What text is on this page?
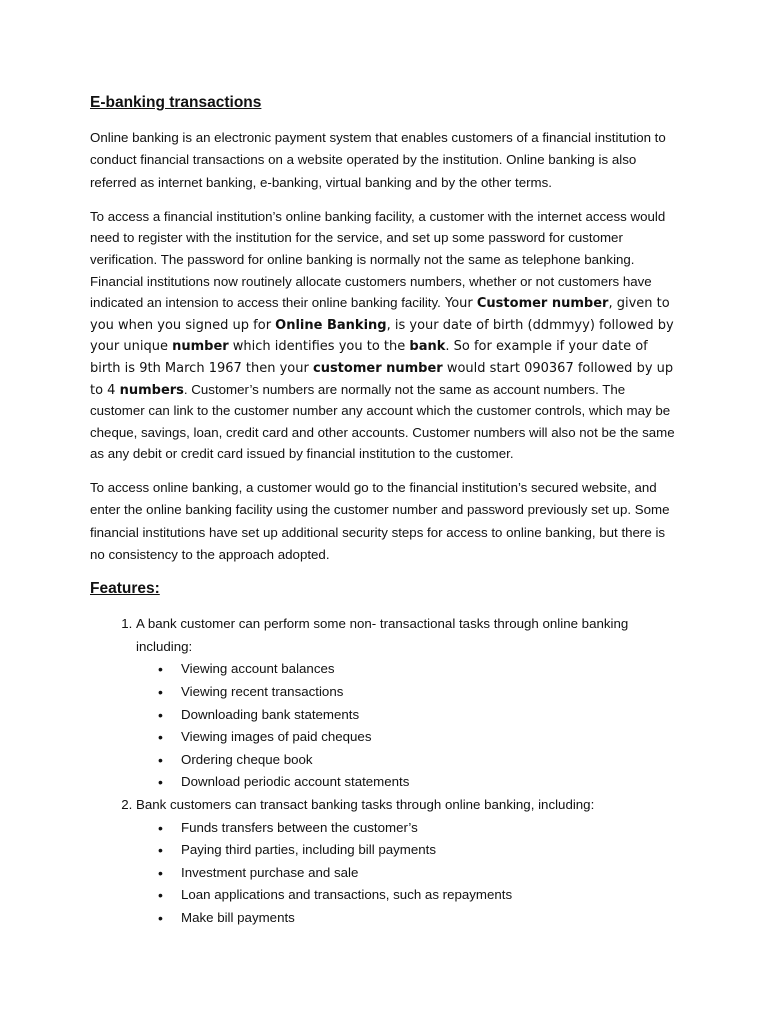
E-banking transactions

Online banking is an electronic payment system that enables customers of a financial institution to conduct financial transactions on a website operated by the institution. Online banking is also referred as internet banking, e-banking, virtual banking and by the other terms.

To access a financial institution’s online banking facility, a customer with the internet access would need to register with the institution for the service, and set up some password for customer verification. The password for online banking is normally not the same as telephone banking. Financial institutions now routinely allocate customers numbers, whether or not customers have indicated an intension to access their online banking facility. Your Customer number, given to you when you signed up for Online Banking, is your date of birth (ddmmyy) followed by your unique number which identifies you to the bank. So for example if your date of birth is 9th March 1967 then your customer number would start 090367 followed by up to 4 numbers. Customer’s numbers are normally not the same as account numbers. The customer can link to the customer number any account which the customer controls, which may be cheque, savings, loan, credit card and other accounts. Customer numbers will also not be the same as any debit or credit card issued by financial institution to the customer.

To access online banking, a customer would go to the financial institution’s secured website, and enter the online banking facility using the customer number and password previously set up. Some financial institutions have set up additional security steps for access to online banking, but there is no consistency to the approach adopted.

Features:
1. A bank customer can perform some non- transactional tasks through online banking including:
• Viewing account balances
• Viewing recent transactions
• Downloading bank statements
• Viewing images of paid cheques
• Ordering cheque book
• Download periodic account statements
2. Bank customers can transact banking tasks through online banking, including:
• Funds transfers between the customer’s
• Paying third parties, including bill payments
• Investment purchase and sale
• Loan applications and transactions, such as repayments
• Make bill payments
